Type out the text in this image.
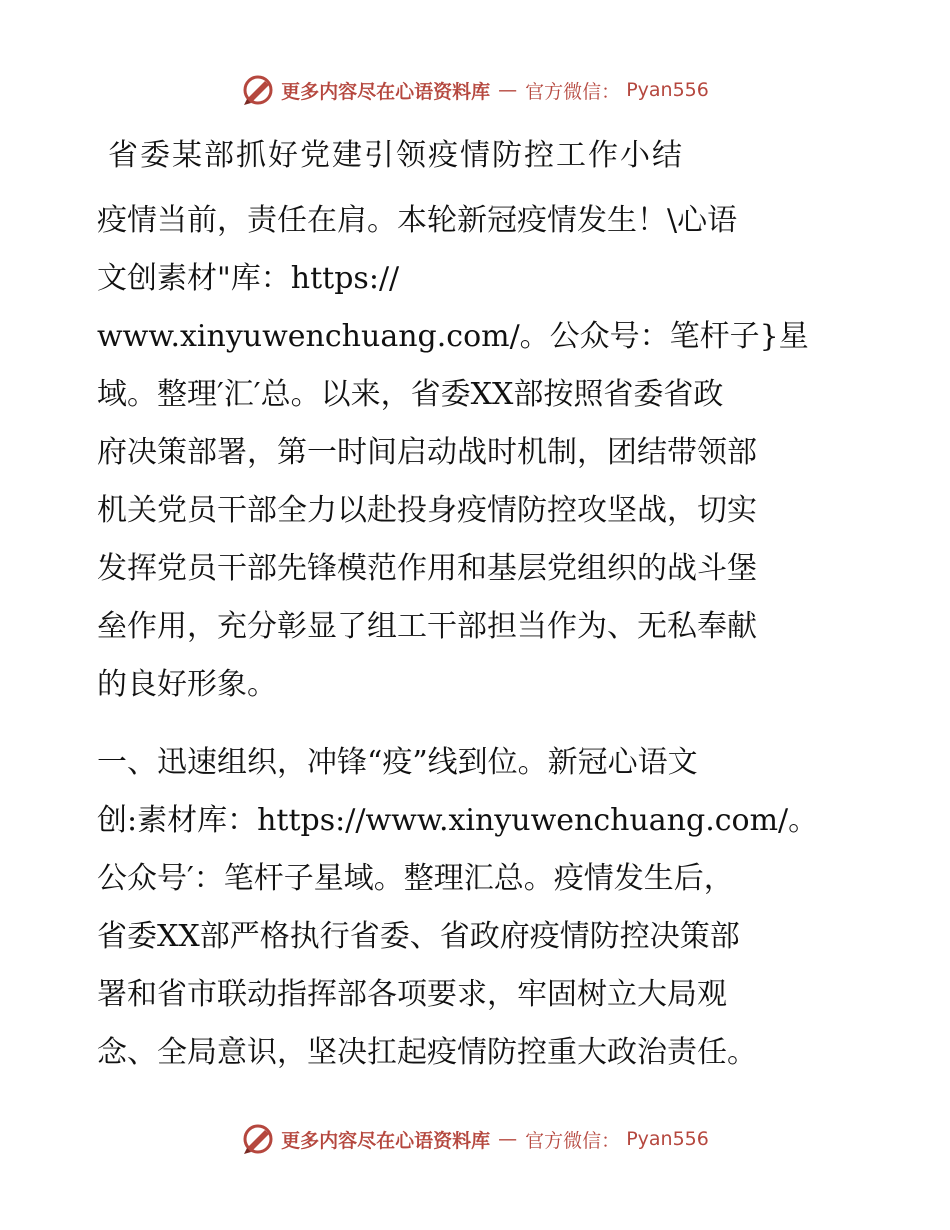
更多内容尽在心语资料库 — 官方微信： Pyan556
省委某部抓好党建引领疫情防控工作小结

疫情当前，责任在肩。本轮新冠疫情发生！\心语
文创素材"库：https://
www.xinyuwenchuang.com/。公众号：笔杆子}星
域。整理′汇′总。以来，省委XX部按照省委省政
府决策部署，第一时间启动战时机制，团结带领部
机关党员干部全力以赴投身疫情防控攻坚战，切实
发挥党员干部先锋模范作用和基层党组织的战斗堡
垒作用，充分彰显了组工干部担当作为、无私奉献
的良好形象。

一、迅速组织，冲锋“疫”线到位。新冠心语文
创:素材库：https://www.xinyuwenchuang.com/。
公众号′：笔杆子星域。整理汇总。疫情发生后，
省委XX部严格执行省委、省政府疫情防控决策部
署和省市联动指挥部各项要求，牢固树立大局观
念、全局意识，坚决扛起疫情防控重大政治责任。

更多内容尽在心语资料库 — 官方微信： Pyan556
